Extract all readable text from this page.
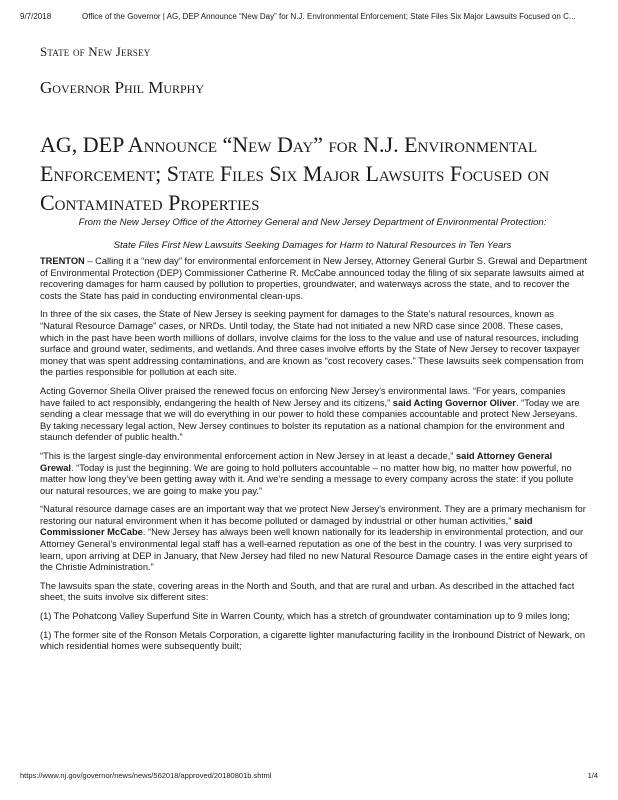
9/7/2018	Office of the Governor | AG, DEP Announce “New Day” for N.J. Environmental Enforcement; State Files Six Major Lawsuits Focused on C...
State of New Jersey
Governor Phil Murphy
AG, DEP Announce “New Day” for N.J. Environmental Enforcement; State Files Six Major Lawsuits Focused on Contaminated Properties
From the New Jersey Office of the Attorney General and New Jersey Department of Environmental Protection:
State Files First New Lawsuits Seeking Damages for Harm to Natural Resources in Ten Years

TRENTON – Calling it a “new day” for environmental enforcement in New Jersey, Attorney General Gurbir S. Grewal and Department of Environmental Protection (DEP) Commissioner Catherine R. McCabe announced today the filing of six separate lawsuits aimed at recovering damages for harm caused by pollution to properties, groundwater, and waterways across the state, and to recover the costs the State has paid in conducting environmental clean-ups.

In three of the six cases, the State of New Jersey is seeking payment for damages to the State’s natural resources, known as “Natural Resource Damage” cases, or NRDs. Until today, the State had not initiated a new NRD case since 2008. These cases, which in the past have been worth millions of dollars, involve claims for the loss to the value and use of natural resources, including surface and ground water, sediments, and wetlands. And three cases involve efforts by the State of New Jersey to recover taxpayer money that was spent addressing contaminations, and are known as “cost recovery cases.” These lawsuits seek compensation from the parties responsible for pollution at each site.

Acting Governor Sheila Oliver praised the renewed focus on enforcing New Jersey’s environmental laws. “For years, companies have failed to act responsibly, endangering the health of New Jersey and its citizens,” said Acting Governor Oliver. “Today we are sending a clear message that we will do everything in our power to hold these companies accountable and protect New Jerseyans. By taking necessary legal action, New Jersey continues to bolster its reputation as a national champion for the environment and staunch defender of public health.”

“This is the largest single-day environmental enforcement action in New Jersey in at least a decade,” said Attorney General Grewal. “Today is just the beginning. We are going to hold polluters accountable – no matter how big, no matter how powerful, no matter how long they’ve been getting away with it. And we’re sending a message to every company across the state: if you pollute our natural resources, we are going to make you pay.”

“Natural resource damage cases are an important way that we protect New Jersey’s environment. They are a primary mechanism for restoring our natural environment when it has become polluted or damaged by industrial or other human activities,” said Commissioner McCabe. “New Jersey has always been well known nationally for its leadership in environmental protection, and our Attorney General’s environmental legal staff has a well-earned reputation as one of the best in the country. I was very surprised to learn, upon arriving at DEP in January, that New Jersey had filed no new Natural Resource Damage cases in the entire eight years of the Christie Administration.”

The lawsuits span the state, covering areas in the North and South, and that are rural and urban. As described in the attached fact sheet, the suits involve six different sites:

(1) The Pohatcong Valley Superfund Site in Warren County, which has a stretch of groundwater contamination up to 9 miles long;

(1) The former site of the Ronson Metals Corporation, a cigarette lighter manufacturing facility in the Ironbound District of Newark, on which residential homes were subsequently built;

https://www.nj.gov/governor/news/news/562018/approved/20180801b.shtml	1/4
